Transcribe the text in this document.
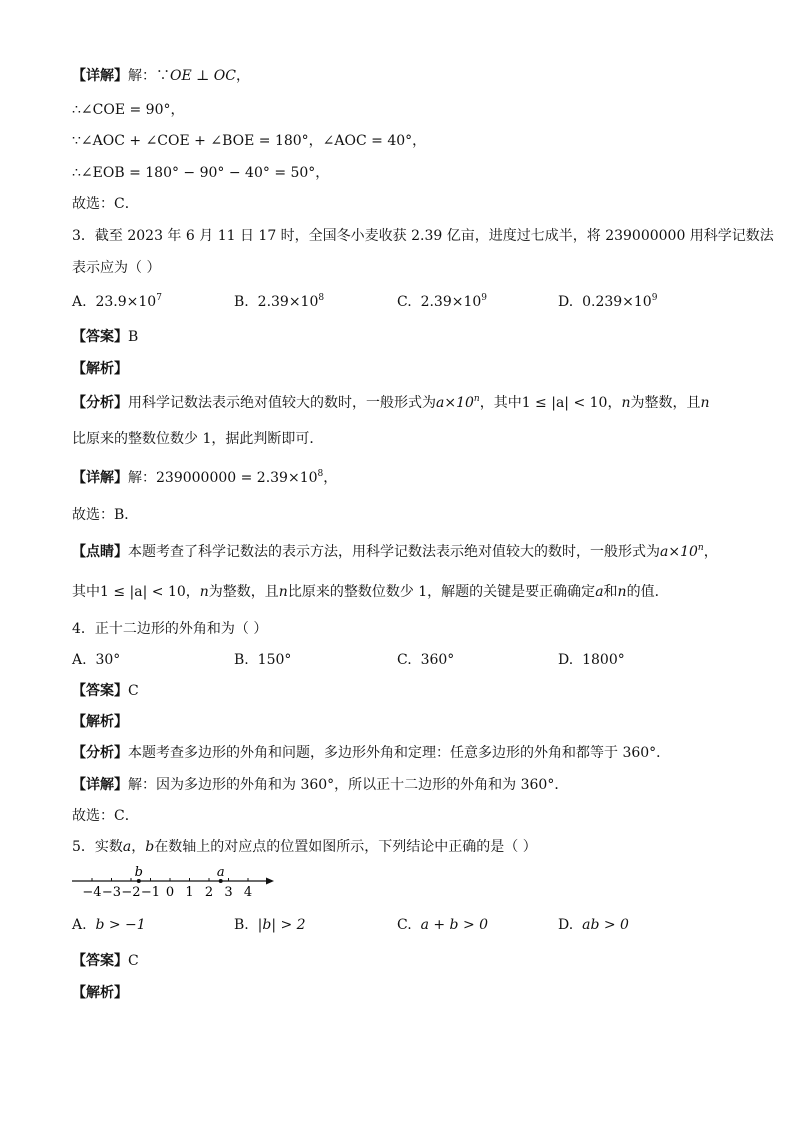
【详解】解：∵OE ⊥ OC，
∴∠COE = 90°，
∵∠AOC + ∠COE + ∠BOE = 180°，∠AOC = 40°，
∴∠EOB = 180° − 90° − 40° = 50°，
故选：C．
3．截至 2023 年 6 月 11 日 17 时，全国冬小麦收获 2.39 亿亩，进度过七成半，将 239000000 用科学记数法
表示应为（ ）
A. $23.9\times 10^7$	B. $2.39\times 10^8$	C. $2.39\times 10^9$	D. $0.239\times 10^9$
【答案】B
【解析】
【分析】用科学记数法表示绝对值较大的数时，一般形式为$a\times 10^n$，其中1 ≤ |a| < 10，n为整数，且n
比原来的整数位数少 1，据此判断即可．
【详解】解：$239000000 = 2.39\times 10^8$，
故选：B．
【点睛】本题考查了科学记数法的表示方法，用科学记数法表示绝对值较大的数时，一般形式为$a\times 10^n$，
其中1 ≤ |a| < 10，n为整数，且n比原来的整数位数少 1，解题的关键是要正确确定a和n的值．
4．正十二边形的外角和为（ ）
A. 30°	B. 150°	C. 360°	D. 1800°
【答案】C
【解析】
【分析】本题考查多边形的外角和问题，多边形外角和定理：任意多边形的外角和都等于 360°．
【详解】解：因为多边形的外角和为 360°，所以正十二边形的外角和为 360°．
故选：C．
5．实数a，b在数轴上的对应点的位置如图所示，下列结论中正确的是（ ）
−4 −3 −2 −1 0 1 2 3 4
b	a
A. b > −1	B. |b| > 2	C. a + b > 0	D. ab > 0
【答案】C
【解析】
